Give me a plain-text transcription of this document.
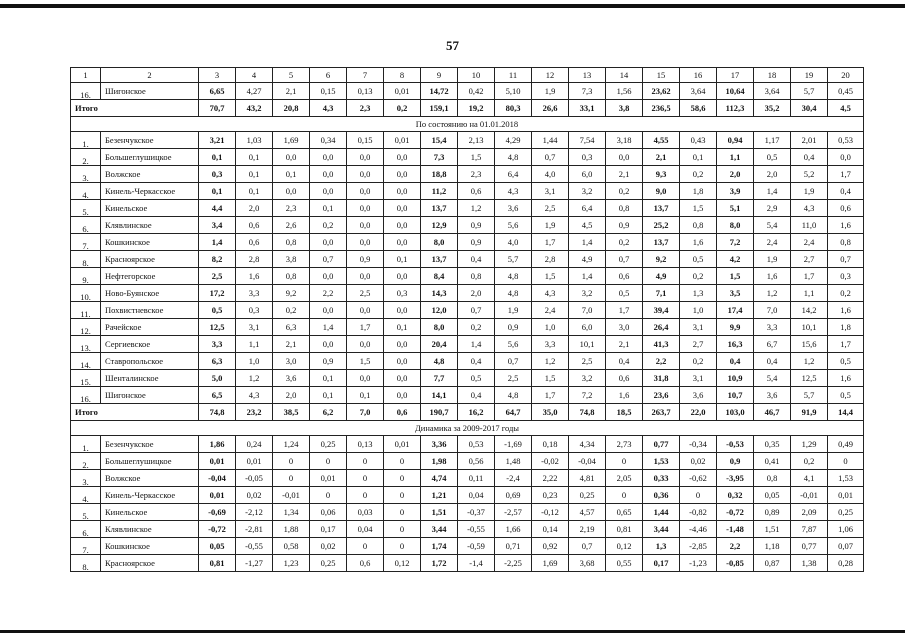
57
1	2	3	4	5	6	7	8	9	10	11	12	13	14	15	16	17	18	19	20
16.	Шигонское	6,65	4,27	2,1	0,15	0,13	0,01	14,72	0,42	5,10	1,9	7,3	1,56	23,62	3,64	10,64	3,64	5,7	0,45
Итого		70,7	43,2	20,8	4,3	2,3	0,2	159,1	19,2	80,3	26,6	33,1	3,8	236,5	58,6	112,3	35,2	30,4	4,5
По состоянию на 01.01.2018																			
1.	Безенчукское	3,21	1,03	1,69	0,34	0,15	0,01	15,4	2,13	4,29	1,44	7,54	3,18	4,55	0,43	0,94	1,17	2,01	0,53
2.	Большеглушицкое	0,1	0,1	0,0	0,0	0,0	0,0	7,3	1,5	4,8	0,7	0,3	0,0	2,1	0,1	1,1	0,5	0,4	0,0
3.	Волжское	0,3	0,1	0,1	0,0	0,0	0,0	18,8	2,3	6,4	4,0	6,0	2,1	9,3	0,2	2,0	2,0	5,2	1,7
4.	Кинель-Черкасское	0,1	0,1	0,0	0,0	0,0	0,0	11,2	0,6	4,3	3,1	3,2	0,2	9,0	1,8	3,9	1,4	1,9	0,4
5.	Кинельское	4,4	2,0	2,3	0,1	0,0	0,0	13,7	1,2	3,6	2,5	6,4	0,8	13,7	1,5	5,1	2,9	4,3	0,6
6.	Клявлинское	3,4	0,6	2,6	0,2	0,0	0,0	12,9	0,9	5,6	1,9	4,5	0,9	25,2	0,8	8,0	5,4	11,0	1,6
7.	Кошкинское	1,4	0,6	0,8	0,0	0,0	0,0	8,0	0,9	4,0	1,7	1,4	0,2	13,7	1,6	7,2	2,4	2,4	0,8
8.	Красноярское	8,2	2,8	3,8	0,7	0,9	0,1	13,7	0,4	5,7	2,8	4,9	0,7	9,2	0,5	4,2	1,9	2,7	0,7
9.	Нефтегорское	2,5	1,6	0,8	0,0	0,0	0,0	8,4	0,8	4,8	1,5	1,4	0,6	4,9	0,2	1,5	1,6	1,7	0,3
10.	Ново-Буянское	17,2	3,3	9,2	2,2	2,5	0,3	14,3	2,0	4,8	4,3	3,2	0,5	7,1	1,3	3,5	1,2	1,1	0,2
11.	Похвистневское	0,5	0,3	0,2	0,0	0,0	0,0	12,0	0,7	1,9	2,4	7,0	1,7	39,4	1,0	17,4	7,0	14,2	1,6
12.	Рачейское	12,5	3,1	6,3	1,4	1,7	0,1	8,0	0,2	0,9	1,0	6,0	3,0	26,4	3,1	9,9	3,3	10,1	1,8
13.	Сергиевское	3,3	1,1	2,1	0,0	0,0	0,0	20,4	1,4	5,6	3,3	10,1	2,1	41,3	2,7	16,3	6,7	15,6	1,7
14.	Ставропольское	6,3	1,0	3,0	0,9	1,5	0,0	4,8	0,4	0,7	1,2	2,5	0,4	2,2	0,2	0,4	0,4	1,2	0,5
15.	Шенталинское	5,0	1,2	3,6	0,1	0,0	0,0	7,7	0,5	2,5	1,5	3,2	0,6	31,8	3,1	10,9	5,4	12,5	1,6
16.	Шигонское	6,5	4,3	2,0	0,1	0,1	0,0	14,1	0,4	4,8	1,7	7,2	1,6	23,6	3,6	10,7	3,6	5,7	0,5
Итого		74,8	23,2	38,5	6,2	7,0	0,6	190,7	16,2	64,7	35,0	74,8	18,5	263,7	22,0	103,0	46,7	91,9	14,4
Динамика за 2009-2017 годы																			
1.	Безенчукское	1,86	0,24	1,24	0,25	0,13	0,01	3,36	0,53	-1,69	0,18	4,34	2,73	0,77	-0,34	-0,53	0,35	1,29	0,49
2.	Большеглушицкое	0,01	0,01	0	0	0	0	1,98	0,56	1,48	-0,02	-0,04	0	1,53	0,02	0,9	0,41	0,2	0
3.	Волжское	-0,04	-0,05	0	0,01	0	0	4,74	0,11	-2,4	2,22	4,81	2,05	0,33	-0,62	-3,95	0,8	4,1	1,53
4.	Кинель-Черкасское	0,01	0,02	-0,01	0	0	0	1,21	0,04	0,69	0,23	0,25	0	0,36	0	0,32	0,05	-0,01	0,01
5.	Кинельское	-0,69	-2,12	1,34	0,06	0,03	0	1,51	-0,37	-2,57	-0,12	4,57	0,65	1,44	-0,82	-0,72	0,89	2,09	0,25
6.	Клявлинское	-0,72	-2,81	1,88	0,17	0,04	0	3,44	-0,55	1,66	0,14	2,19	0,81	3,44	-4,46	-1,48	1,51	7,87	1,06
7.	Кошкинское	0,05	-0,55	0,58	0,02	0	0	1,74	-0,59	0,71	0,92	0,7	0,12	1,3	-2,85	2,2	1,18	0,77	0,07
8.	Красноярское	0,81	-1,27	1,23	0,25	0,6	0,12	1,72	-1,4	-2,25	1,69	3,68	0,55	0,17	-1,23	-0,85	0,87	1,38	0,28
